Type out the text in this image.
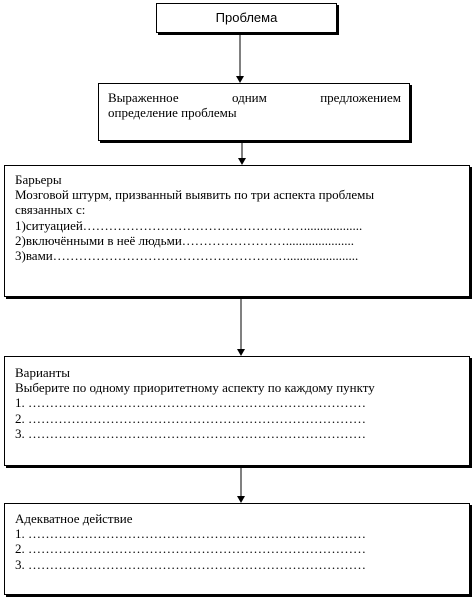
Проблема
Выраженное	одним	предложением
определение проблемы
Барьеры
Мозговой штурм, призванный выявить по три аспекта проблемы
связанных с:
1)ситуацией……………………………………………..................
2)включёнными в неё людьми…………………….....................
3)вами………………………………………………......................
Варианты
Выберите по одному приоритетному аспекту по каждому пункту
1. ……………………………………………………………………
2. ……………………………………………………………………
3. ……………………………………………………………………
Адекватное действие
1. ……………………………………………………………………
2. ……………………………………………………………………
3. ……………………………………………………………………
